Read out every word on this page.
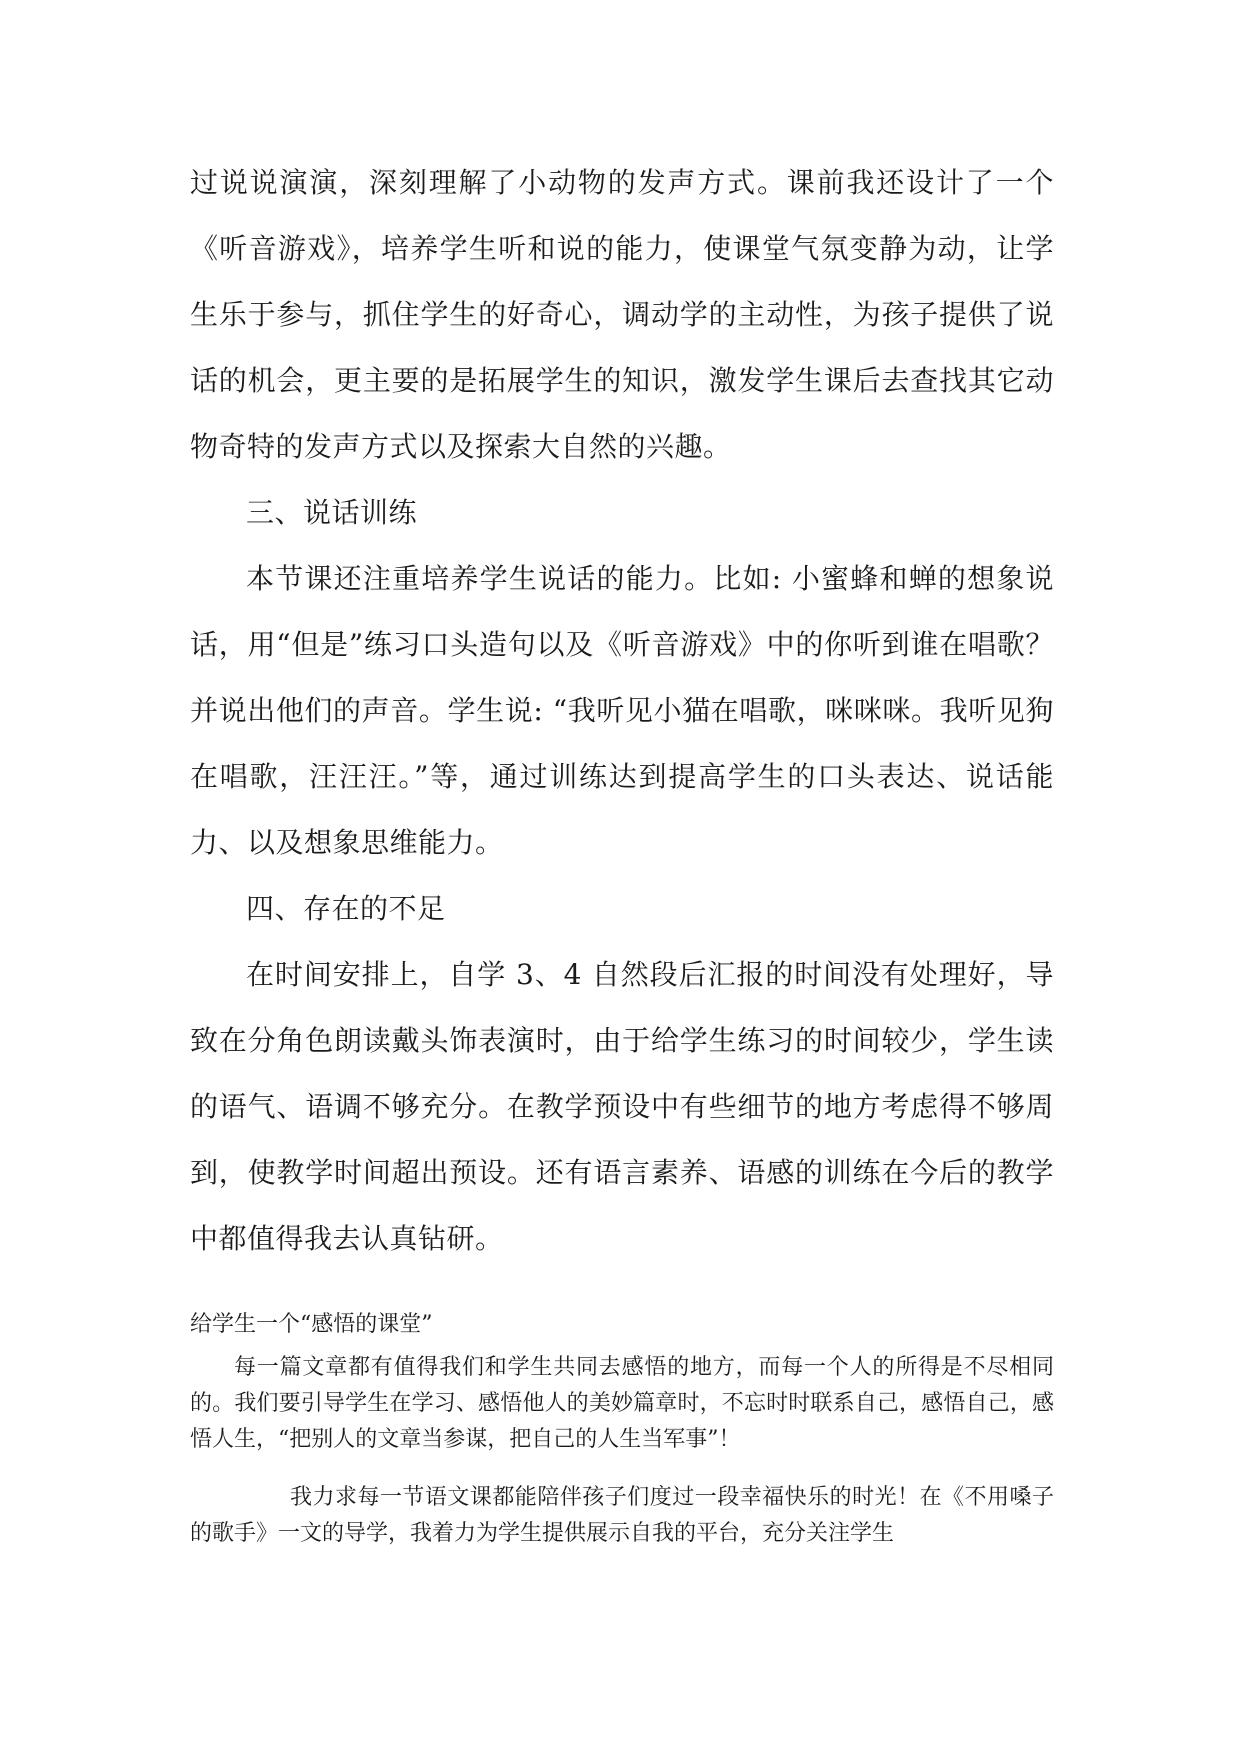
过说说演演，深刻理解了小动物的发声方式。课前我还设计了一个《听音游戏》，培养学生听和说的能力，使课堂气氛变静为动，让学生乐于参与，抓住学生的好奇心，调动学的主动性，为孩子提供了说话的机会，更主要的是拓展学生的知识，激发学生课后去查找其它动物奇特的发声方式以及探索大自然的兴趣。

三、说话训练

本节课还注重培养学生说话的能力。比如: 小蜜蜂和蝉的想象说话，用“但是”练习口头造句以及《听音游戏》中的你听到谁在唱歌？并说出他们的声音。学生说: “我听见小猫在唱歌，咪咪咪。我听见狗在唱歌，汪汪汪。”等，通过训练达到提高学生的口头表达、说话能力、以及想象思维能力。

四、存在的不足

在时间安排上，自学 3、4 自然段后汇报的时间没有处理好，导致在分角色朗读戴头饰表演时，由于给学生练习的时间较少，学生读的语气、语调不够充分。在教学预设中有些细节的地方考虑得不够周到，使教学时间超出预设。还有语言素养、语感的训练在今后的教学中都值得我去认真钻研。

给学生一个“感悟的课堂”

每一篇文章都有值得我们和学生共同去感悟的地方，而每一个人的所得是不尽相同的。我们要引导学生在学习、感悟他人的美妙篇章时，不忘时时联系自己，感悟自己，感悟人生，“把别人的文章当参谋，把自己的人生当军事”！

我力求每一节语文课都能陪伴孩子们度过一段幸福快乐的时光！在《不用嗓子的歌手》一文的导学，我着力为学生提供展示自我的平台，充分关注学生
